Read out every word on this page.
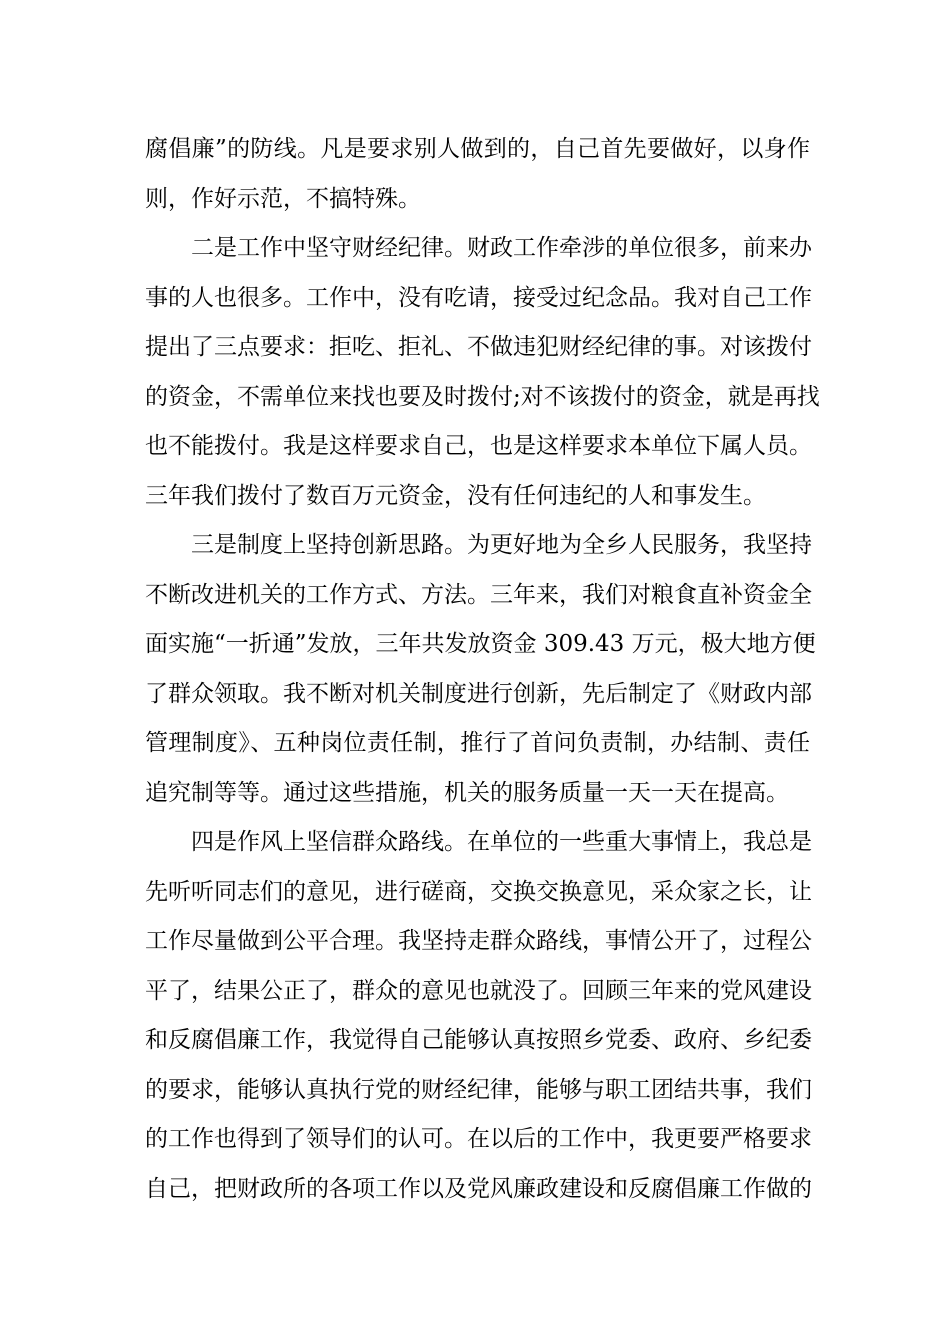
腐倡廉”的防线。凡是要求别人做到的，自己首先要做好，以身作
则，作好示范，不搞特殊。
二是工作中坚守财经纪律。财政工作牵涉的单位很多，前来办
事的人也很多。工作中，没有吃请，接受过纪念品。我对自己工作
提出了三点要求：拒吃、拒礼、不做违犯财经纪律的事。对该拨付
的资金，不需单位来找也要及时拨付;对不该拨付的资金，就是再找
也不能拨付。我是这样要求自己，也是这样要求本单位下属人员。
三年我们拨付了数百万元资金，没有任何违纪的人和事发生。
三是制度上坚持创新思路。为更好地为全乡人民服务，我坚持
不断改进机关的工作方式、方法。三年来，我们对粮食直补资金全
面实施“一折通”发放，三年共发放资金 309.43 万元，极大地方便
了群众领取。我不断对机关制度进行创新，先后制定了《财政内部
管理制度》、五种岗位责任制，推行了首问负责制，办结制、责任
追究制等等。通过这些措施，机关的服务质量一天一天在提高。
四是作风上坚信群众路线。在单位的一些重大事情上，我总是
先听听同志们的意见，进行磋商，交换交换意见，采众家之长，让
工作尽量做到公平合理。我坚持走群众路线，事情公开了，过程公
平了，结果公正了，群众的意见也就没了。回顾三年来的党风建设
和反腐倡廉工作，我觉得自己能够认真按照乡党委、政府、乡纪委
的要求，能够认真执行党的财经纪律，能够与职工团结共事，我们
的工作也得到了领导们的认可。在以后的工作中，我更要严格要求
自己，把财政所的各项工作以及党风廉政建设和反腐倡廉工作做的
